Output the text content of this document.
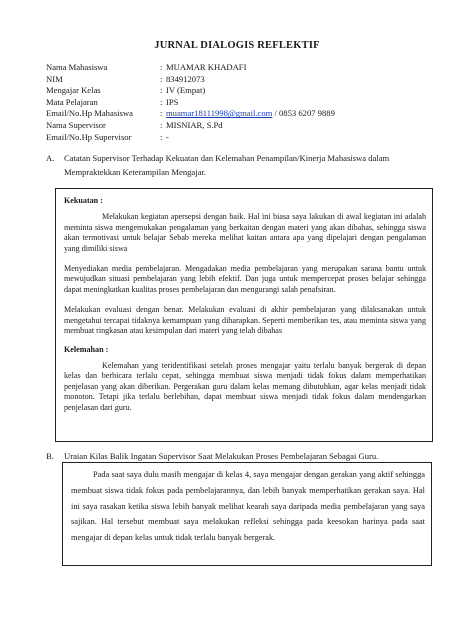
JURNAL DIALOGIS REFLEKTIF
Nama Mahasiswa	: MUAMAR KHADAFI
NIM	: 834912073
Mengajar Kelas	: IV (Empat)
Mata Pelajaran	: IPS
Email/No.Hp Mahasiswa	: muamar18111998@gmail.com / 0853 6207 9889
Nama Supervisor	: MISNIAR, S.Pd
Email/No.Hp Supervisor	: -
A.	Catatan Supervisor Terhadap Kekuatan dan Kelemahan Penampilan/Kinerja Mahasiswa dalam
Mempraktekkan Keterampilan Mengajar.

Kekuatan :

Melakukan kegiatan apersepsi dengan baik. Hal ini biasa saya lakukan di awal kegiatan ini adalah meminta siswa mengemukakan pengalaman yang berkaitan dengan materi yang akan dibahas, sehingga siswa akan termotivasi untuk belajar Sebab mereka melihat kaitan antara apa yang dipelajari dengan pengalaman yang dimiliki siswa

Menyediakan media pembelajaran. Mengadakan media pembelajaran yang merupakan sarana bantu untuk mewujudkan situasi pembelajaran yang lebih efektif. Dan juga untuk mempercepat proses belajar sehingga dapat meningkatkan kualitas proses pembelajaran dan mengurangi salah penafsiran.

Melakukan evaluasi dengan benar. Melakukan evaluasi di akhir pembelajaran yang dilaksanakan untuk mengetahui tercapai tidaknya kemampuan yang diharapkan. Seperti memberikan tes, atau meminta siswa yang membuat ringkasan atau kesimpulan dari materi yang telah dibahas

Kelemahan :

Kelemahan yang teridentifikasi setelah proses mengajar yaitu terlalu banyak bergerak di depan kelas dan berbicara terlalu cepat, sehingga membuat siswa menjadi tidak fokus dalam memperhatikan penjelasan yang akan diberikan. Pergerakan guru dalam kelas memang dibutuhkan, agar kelas menjadi tidak monoton. Tetapi jika terlalu berlebihan, dapat membuat siswa menjadi tidak fokus dalam mendengarkan penjelasan dari guru.

B.	Uraian Kilas Balik Ingatan Supervisor Saat Melakukan Proses Pembelajaran Sebagai Guru.

Pada saat saya dulu masih mengajar di kelas 4, saya mengajar dengan gerakan yang aktif sehingga membuat siswa tidak fokus pada pembelajarannya, dan lebih banyak memperhatikan gerakan saya. Hal ini saya rasakan ketika siswa lebih banyak melihat kearah saya daripada media pembelajaran yang saya sajikan. Hal tersebut membuat saya melakukan refleksi sehingga pada keesokan harinya pada saat mengajar di depan kelas untuk tidak terlalu banyak bergerak.
